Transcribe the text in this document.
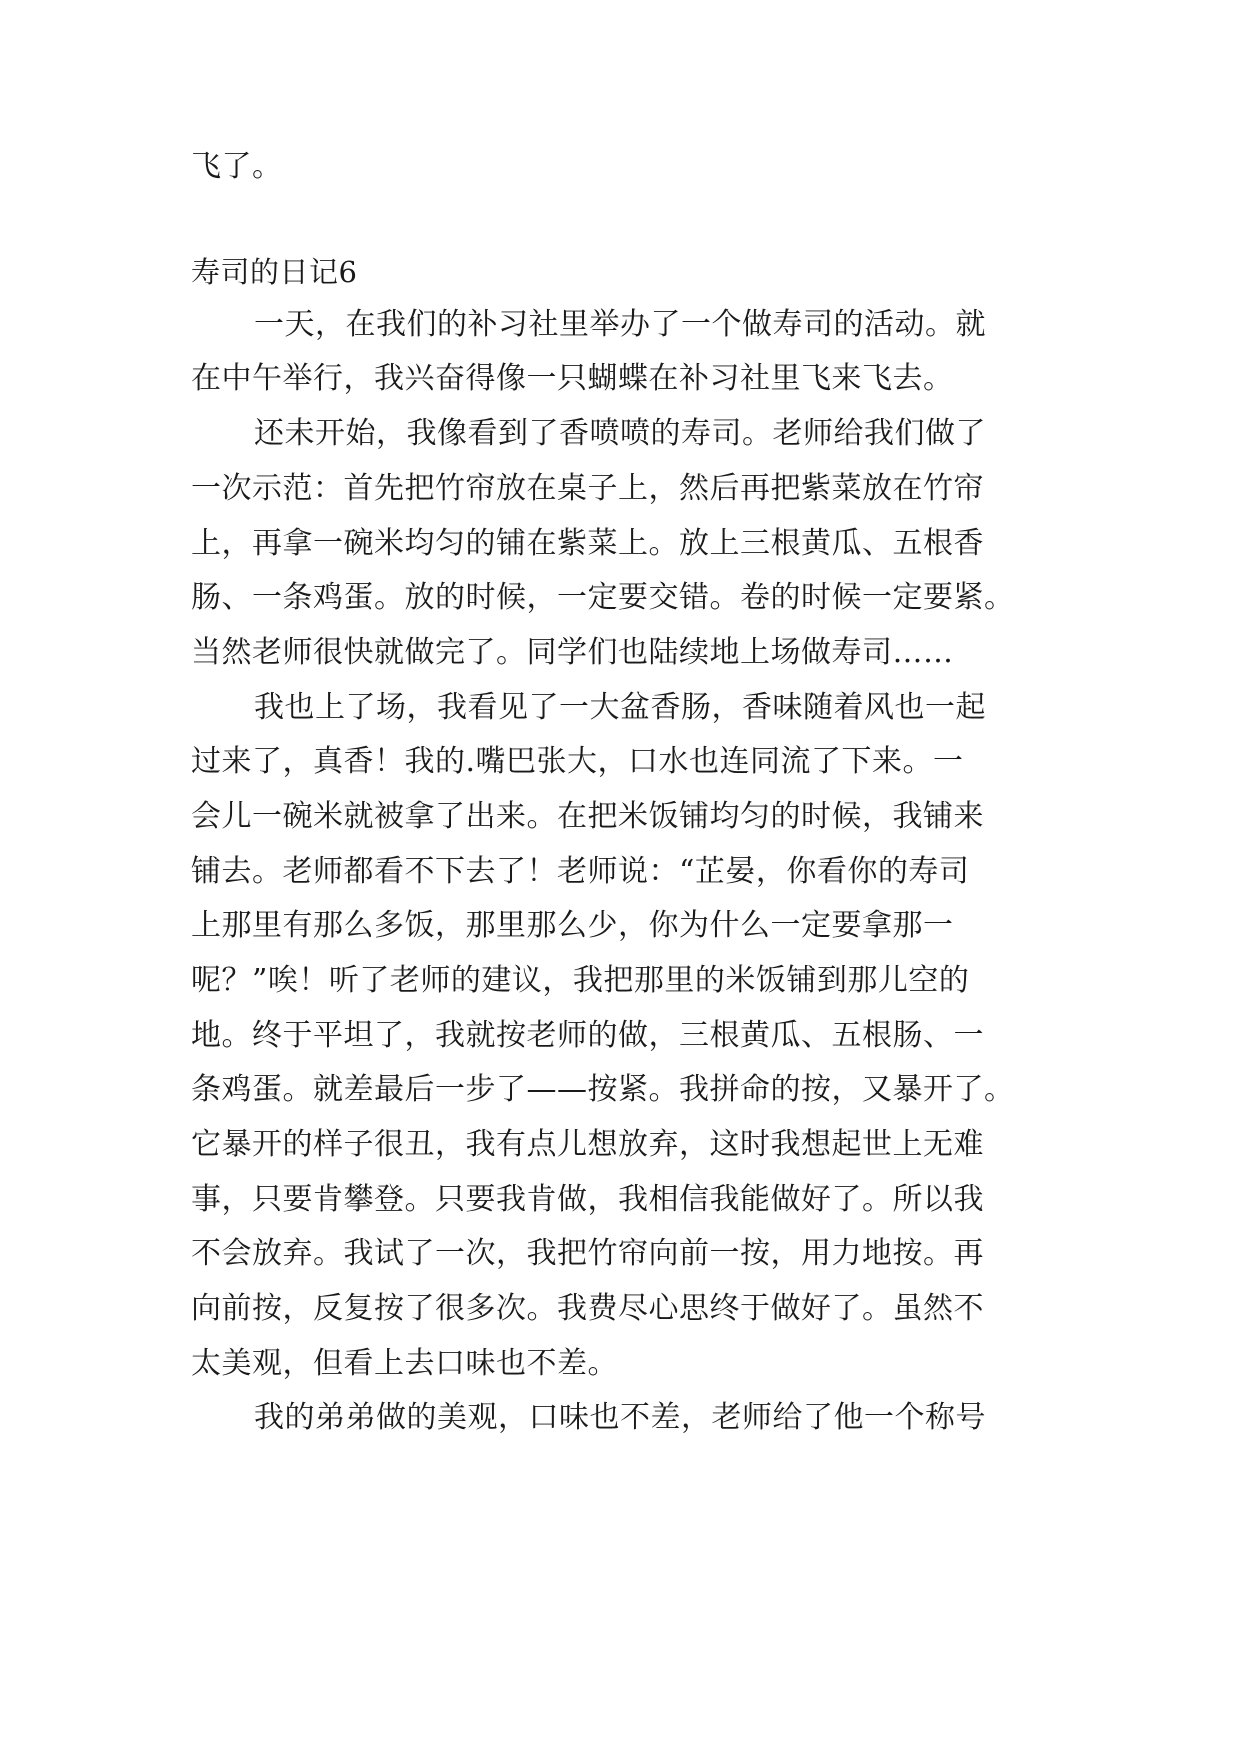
飞了。
寿司的日记6
一天，在我们的补习社里举办了一个做寿司的活动。就
在中午举行，我兴奋得像一只蝴蝶在补习社里飞来飞去。
还未开始，我像看到了香喷喷的寿司。老师给我们做了
一次示范：首先把竹帘放在桌子上，然后再把紫菜放在竹帘
上，再拿一碗米均匀的铺在紫菜上。放上三根黄瓜、五根香
肠、一条鸡蛋。放的时候，一定要交错。卷的时候一定要紧。
当然老师很快就做完了。同学们也陆续地上场做寿司……
我也上了场，我看见了一大盆香肠，香味随着风也一起
过来了，真香！我的.嘴巴张大，口水也连同流了下来。一
会儿一碗米就被拿了出来。在把米饭铺均匀的时候，我铺来
铺去。老师都看不下去了！老师说：“芷晏，你看你的寿司
上那里有那么多饭，那里那么少，你为什么一定要拿那一
呢？”唉！听了老师的建议，我把那里的米饭铺到那儿空的
地。终于平坦了，我就按老师的做，三根黄瓜、五根肠、一
条鸡蛋。就差最后一步了——按紧。我拼命的按，又暴开了。
它暴开的样子很丑，我有点儿想放弃，这时我想起世上无难
事，只要肯攀登。只要我肯做，我相信我能做好了。所以我
不会放弃。我试了一次，我把竹帘向前一按，用力地按。再
向前按，反复按了很多次。我费尽心思终于做好了。虽然不
太美观，但看上去口味也不差。
我的弟弟做的美观，口味也不差，老师给了他一个称号
